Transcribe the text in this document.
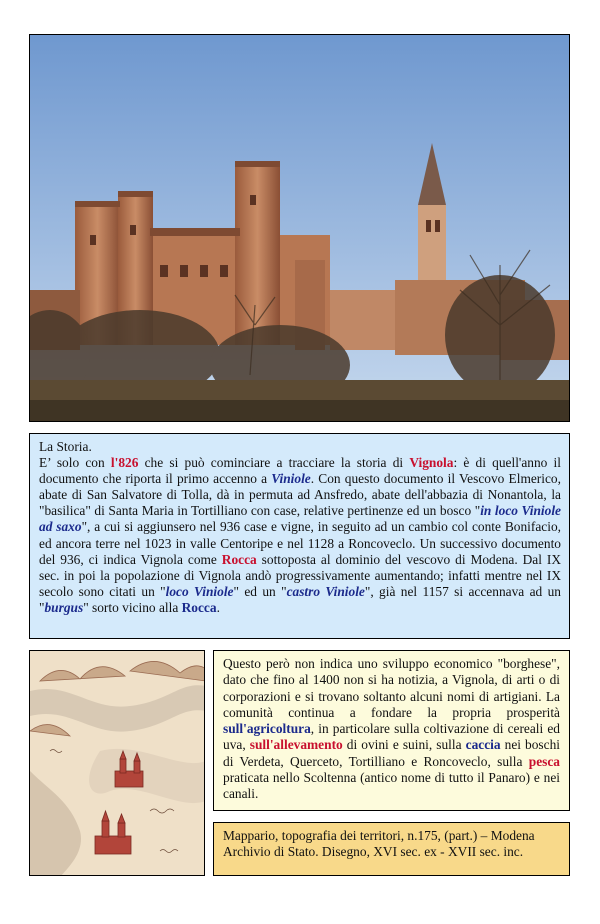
La Storia.
E’ solo con l'826 che si può cominciare a tracciare la storia di Vignola: è di quell'anno il documento che riporta il primo accenno a Viniole. Con questo documento il Vescovo Elmerico, abate di San Salvatore di Tolla, dà in permuta ad Ansfredo, abate dell'abbazia di Nonantola, la "basilica" di Santa Maria in Tortilliano con case, relative pertinenze ed un bosco "in loco Viniole ad saxo", a cui si aggiunsero nel 936 case e vigne, in seguito ad un cambio col conte Bonifacio, ed ancora terre nel 1023 in valle Centoripe e nel 1128 a Roncoveclo. Un successivo documento del 936, ci indica Vignola come Rocca sottoposta al dominio del vescovo di Modena. Dal IX sec. in poi la popolazione di Vignola andò progressivamente aumentando; infatti mentre nel IX secolo sono citati un "loco Viniole" ed un "castro Viniole", già nel 1157 si accennava ad un "burgus" sorto vicino alla Rocca.
Questo però non indica uno sviluppo economico "borghese", dato che fino al 1400 non si ha notizia, a Vignola, di arti o di corporazioni e si trovano soltanto alcuni nomi di artigiani. La comunità continua a fondare la propria prosperità sull'agricoltura, in particolare sulla coltivazione di cereali ed uva, sull'allevamento di ovini e suini, sulla caccia nei boschi di Verdeta, Querceto, Tortilliano e Roncoveclo, sulla pesca praticata nello Scoltenna (antico nome di tutto il Panaro) e nei canali.
Mappario, topografia dei territori, n.175, (part.) – Modena Archivio di Stato. Disegno, XVI sec. ex - XVII sec. inc.
